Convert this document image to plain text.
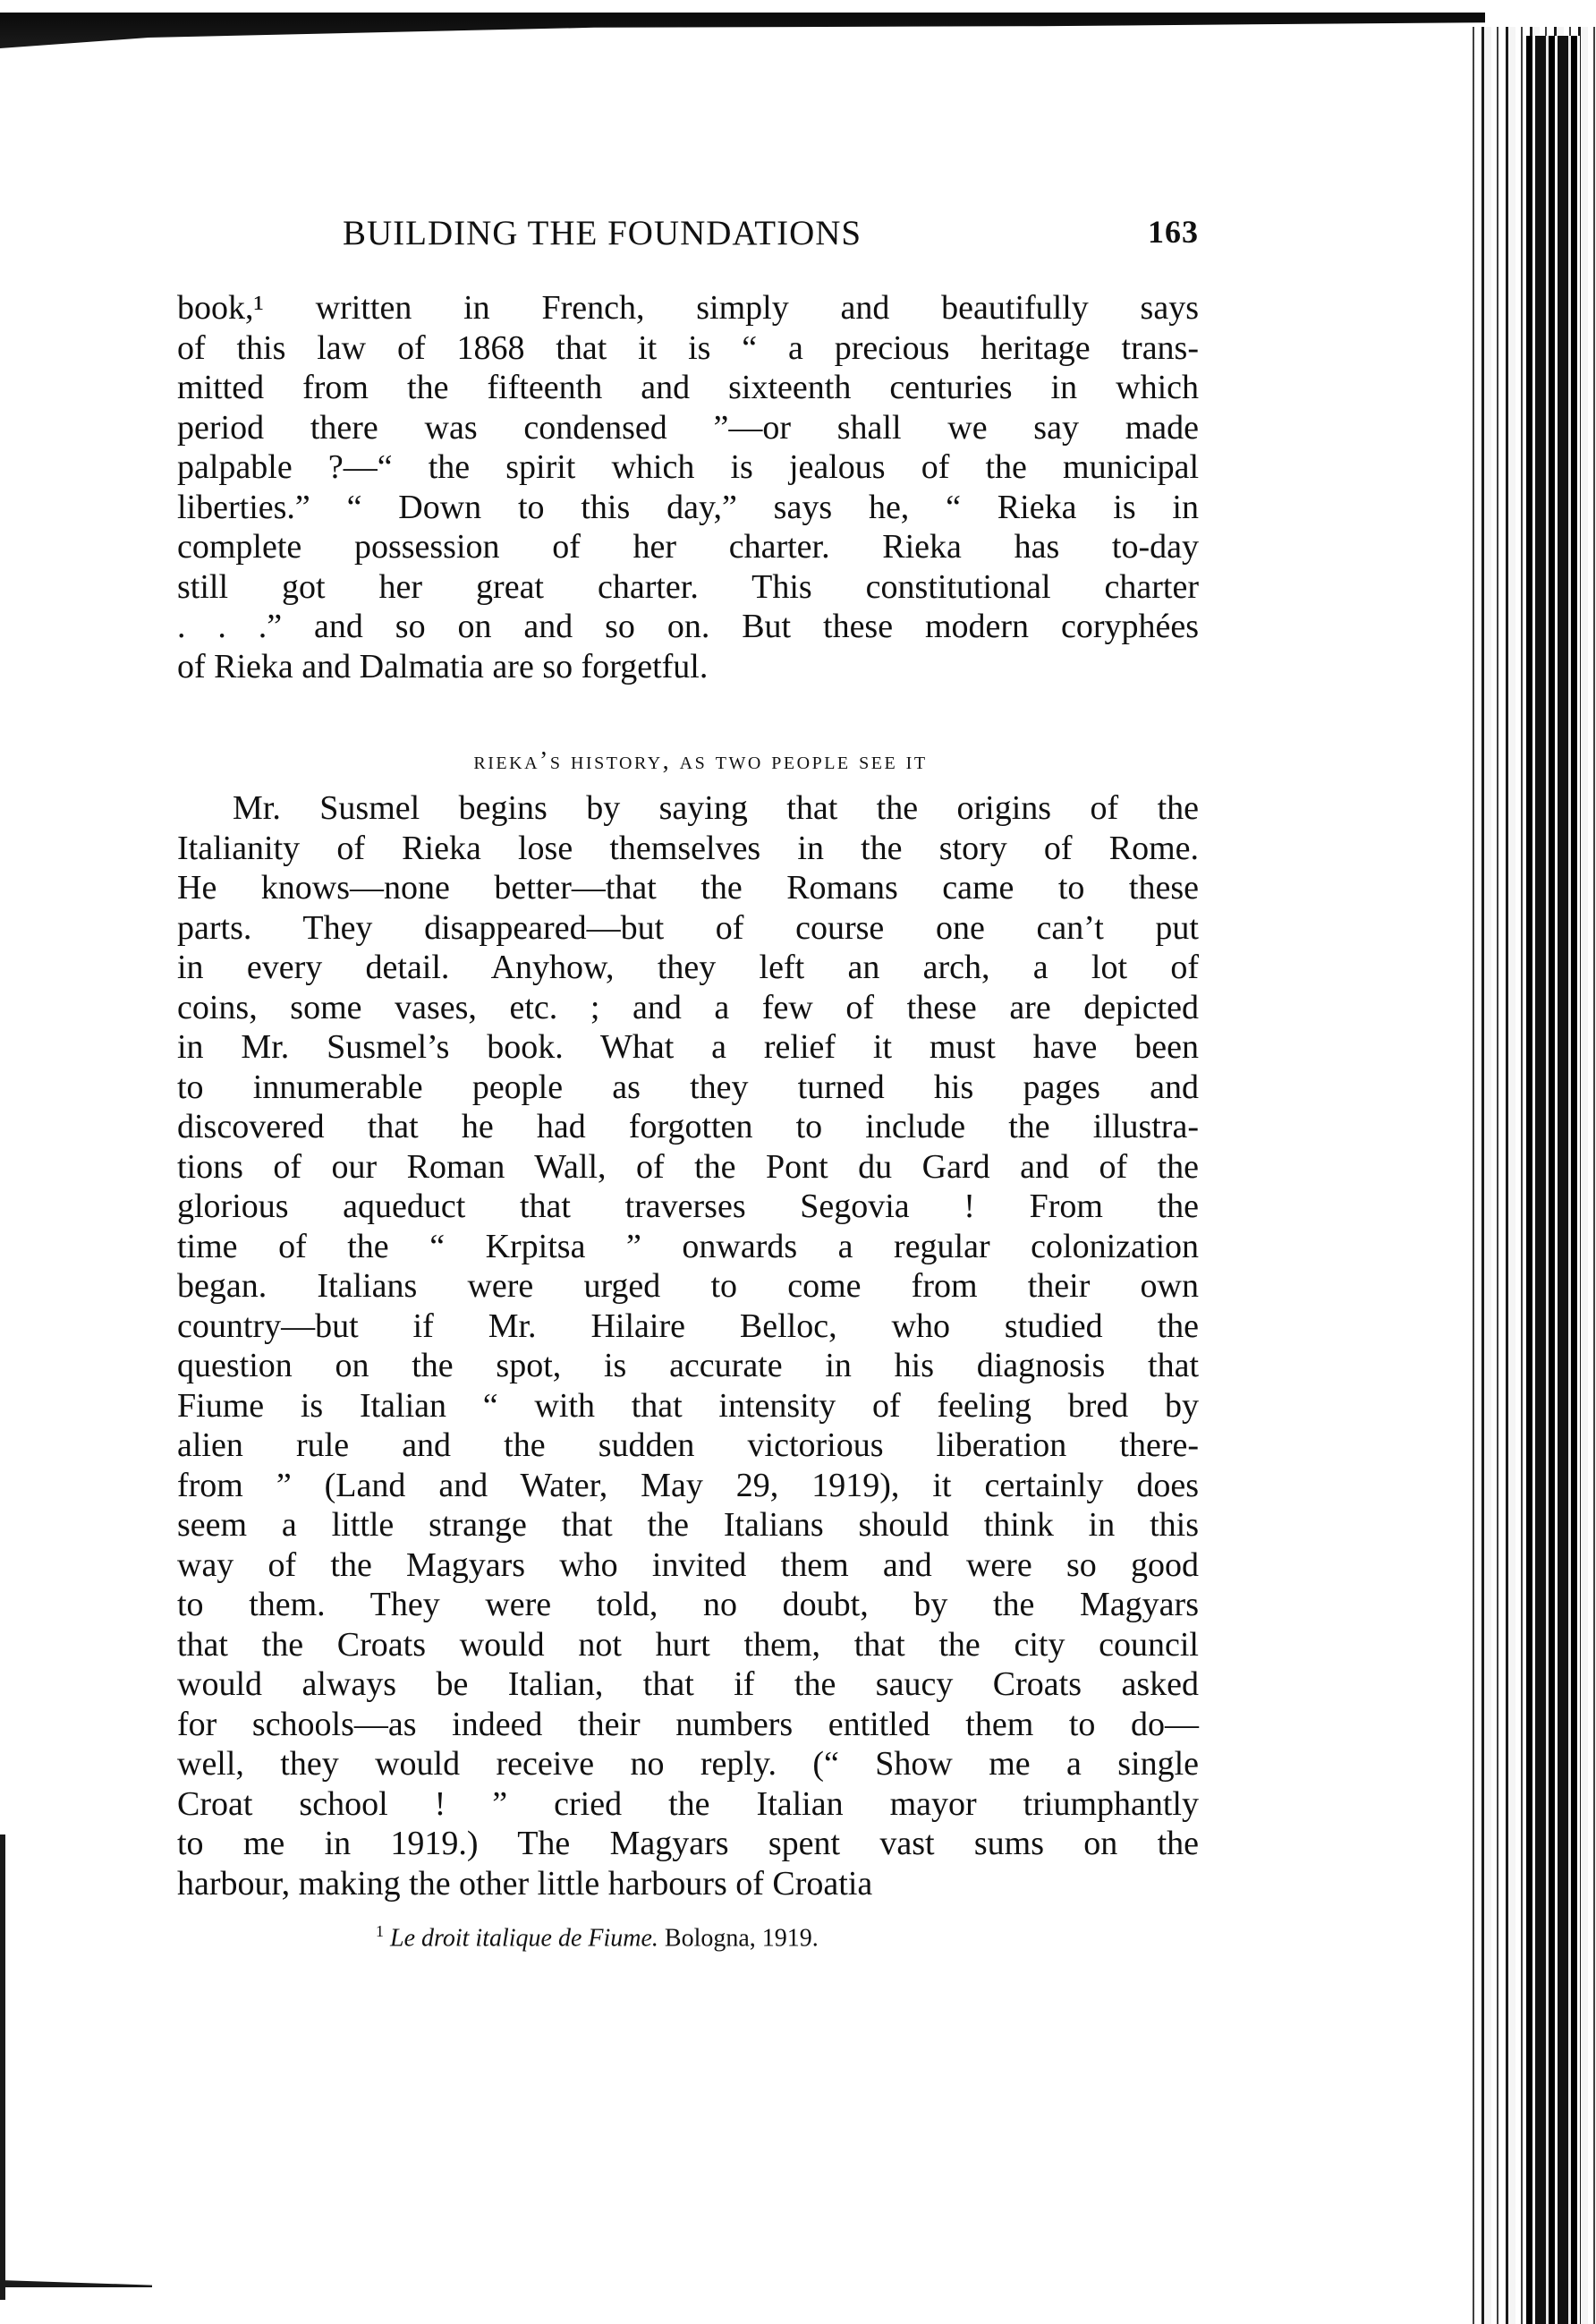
BUILDING THE FOUNDATIONS	163
book,¹ written in French, simply and beautifully says
of this law of 1868 that it is “ a precious heritage trans-
mitted from the fifteenth and sixteenth centuries in which
period there was condensed ”—or shall we say made
palpable ?—“ the spirit which is jealous of the municipal
liberties.” “ Down to this day,” says he, “ Rieka is in
complete possession of her charter. Rieka has to-day
still got her great charter. This constitutional charter
. . .” and so on and so on. But these modern coryphées
of Rieka and Dalmatia are so forgetful.
rieka’s history, as two people see it
Mr. Susmel begins by saying that the origins of the
Italianity of Rieka lose themselves in the story of Rome.
He knows—none better—that the Romans came to these
parts. They disappeared—but of course one can’t put
in every detail. Anyhow, they left an arch, a lot of
coins, some vases, etc. ; and a few of these are depicted
in Mr. Susmel’s book. What a relief it must have been
to innumerable people as they turned his pages and
discovered that he had forgotten to include the illustra-
tions of our Roman Wall, of the Pont du Gard and of the
glorious aqueduct that traverses Segovia ! From the
time of the “ Krpitsa ” onwards a regular colonization
began. Italians were urged to come from their own
country—but if Mr. Hilaire Belloc, who studied the
question on the spot, is accurate in his diagnosis that
Fiume is Italian “ with that intensity of feeling bred by
alien rule and the sudden victorious liberation there-
from ” (Land and Water, May 29, 1919), it certainly does
seem a little strange that the Italians should think in this
way of the Magyars who invited them and were so good
to them. They were told, no doubt, by the Magyars
that the Croats would not hurt them, that the city council
would always be Italian, that if the saucy Croats asked
for schools—as indeed their numbers entitled them to do—
well, they would receive no reply. (“ Show me a single
Croat school ! ” cried the Italian mayor triumphantly
to me in 1919.) The Magyars spent vast sums on the
harbour, making the other little harbours of Croatia
$^1$ Le droit italique de Fiume. Bologna, 1919.
